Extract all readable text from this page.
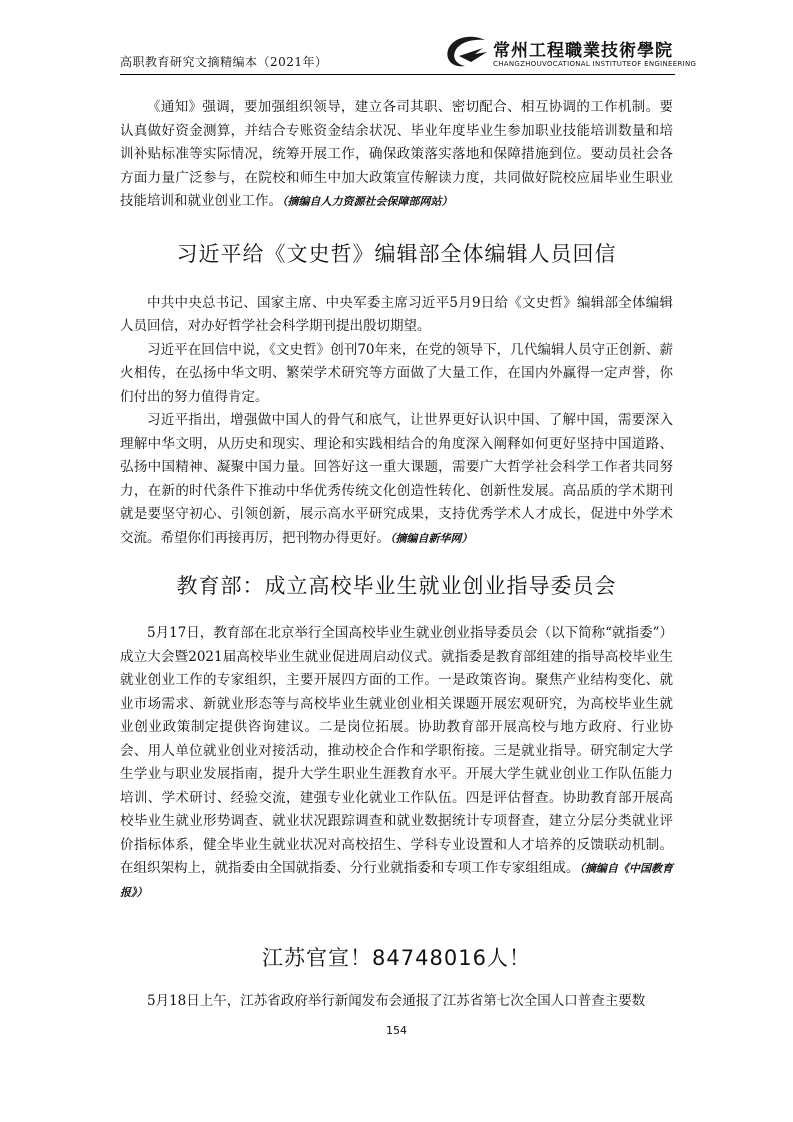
高职教育研究文摘精编本（2021年）
常州工程職業技術學院
CHANGZHOUVOCATIONAL INSTITUTEOF ENGINEERING

《通知》强调，要加强组织领导，建立各司其职、密切配合、相互协调的工作机制。要认真做好资金测算，并结合专账资金结余状况、毕业年度毕业生参加职业技能培训数量和培训补贴标准等实际情况，统筹开展工作，确保政策落实落地和保障措施到位。要动员社会各方面力量广泛参与，在院校和师生中加大政策宣传解读力度，共同做好院校应届毕业生职业技能培训和就业创业工作。（摘编自人力资源社会保障部网站）

习近平给《文史哲》编辑部全体编辑人员回信

中共中央总书记、国家主席、中央军委主席习近平5月9日给《文史哲》编辑部全体编辑人员回信，对办好哲学社会科学期刊提出殷切期望。

习近平在回信中说，《文史哲》创刊70年来，在党的领导下，几代编辑人员守正创新、薪火相传，在弘扬中华文明、繁荣学术研究等方面做了大量工作，在国内外赢得一定声誉，你们付出的努力值得肯定。

习近平指出，增强做中国人的骨气和底气，让世界更好认识中国、了解中国，需要深入理解中华文明，从历史和现实、理论和实践相结合的角度深入阐释如何更好坚持中国道路、弘扬中国精神、凝聚中国力量。回答好这一重大课题，需要广大哲学社会科学工作者共同努力，在新的时代条件下推动中华优秀传统文化创造性转化、创新性发展。高品质的学术期刊就是要坚守初心、引领创新，展示高水平研究成果，支持优秀学术人才成长，促进中外学术交流。希望你们再接再厉，把刊物办得更好。（摘编自新华网）

教育部：成立高校毕业生就业创业指导委员会

5月17日，教育部在北京举行全国高校毕业生就业创业指导委员会（以下简称“就指委”）成立大会暨2021届高校毕业生就业促进周启动仪式。就指委是教育部组建的指导高校毕业生就业创业工作的专家组织，主要开展四方面的工作。一是政策咨询。聚焦产业结构变化、就业市场需求、新就业形态等与高校毕业生就业创业相关课题开展宏观研究，为高校毕业生就业创业政策制定提供咨询建议。二是岗位拓展。协助教育部开展高校与地方政府、行业协会、用人单位就业创业对接活动，推动校企合作和学职衔接。三是就业指导。研究制定大学生学业与职业发展指南，提升大学生职业生涯教育水平。开展大学生就业创业工作队伍能力培训、学术研讨、经验交流，建强专业化就业工作队伍。四是评估督查。协助教育部开展高校毕业生就业形势调查、就业状况跟踪调查和就业数据统计专项督查，建立分层分类就业评价指标体系，健全毕业生就业状况对高校招生、学科专业设置和人才培养的反馈联动机制。在组织架构上，就指委由全国就指委、分行业就指委和专项工作专家组组成。（摘编自《中国教育报》）

江苏官宣！84748016人！

5月18日上午，江苏省政府举行新闻发布会通报了江苏省第七次全国人口普查主要数

154
